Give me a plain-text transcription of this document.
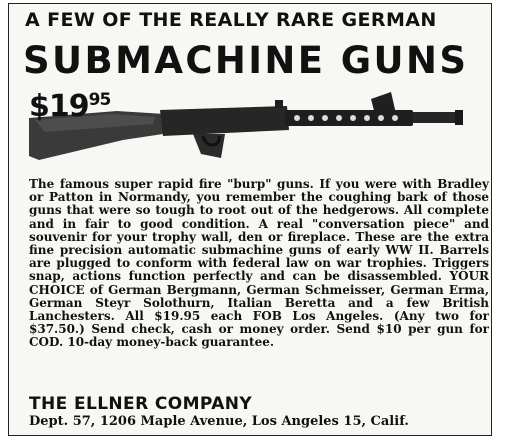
A FEW OF THE REALLY RARE GERMAN
SUBMACHINE GUNS
$\$19^{95}$
The famous super rapid fire "burp" guns. If you were with Bradley or Patton in Normandy, you remember the coughing bark of those guns that were so tough to root out of the hedgerows. All complete and in fair to good condition. A real "conversation piece" and souvenir for your trophy wall, den or fireplace. These are the extra fine precision automatic submachine guns of early WW II. Barrels are plugged to conform with federal law on war trophies. Triggers snap, actions function perfectly and can be disassembled. YOUR CHOICE of German Bergmann, German Schmeisser, German Erma, German Steyr Solothurn, Italian Beretta and a few British Lanchesters. All $19.95 each FOB Los Angeles. (Any two for $37.50.) Send check, cash or money order. Send $10 per gun for COD. 10-day money-back guarantee.
THE ELLNER COMPANY
Dept. 57, 1206 Maple Avenue, Los Angeles 15, Calif.
